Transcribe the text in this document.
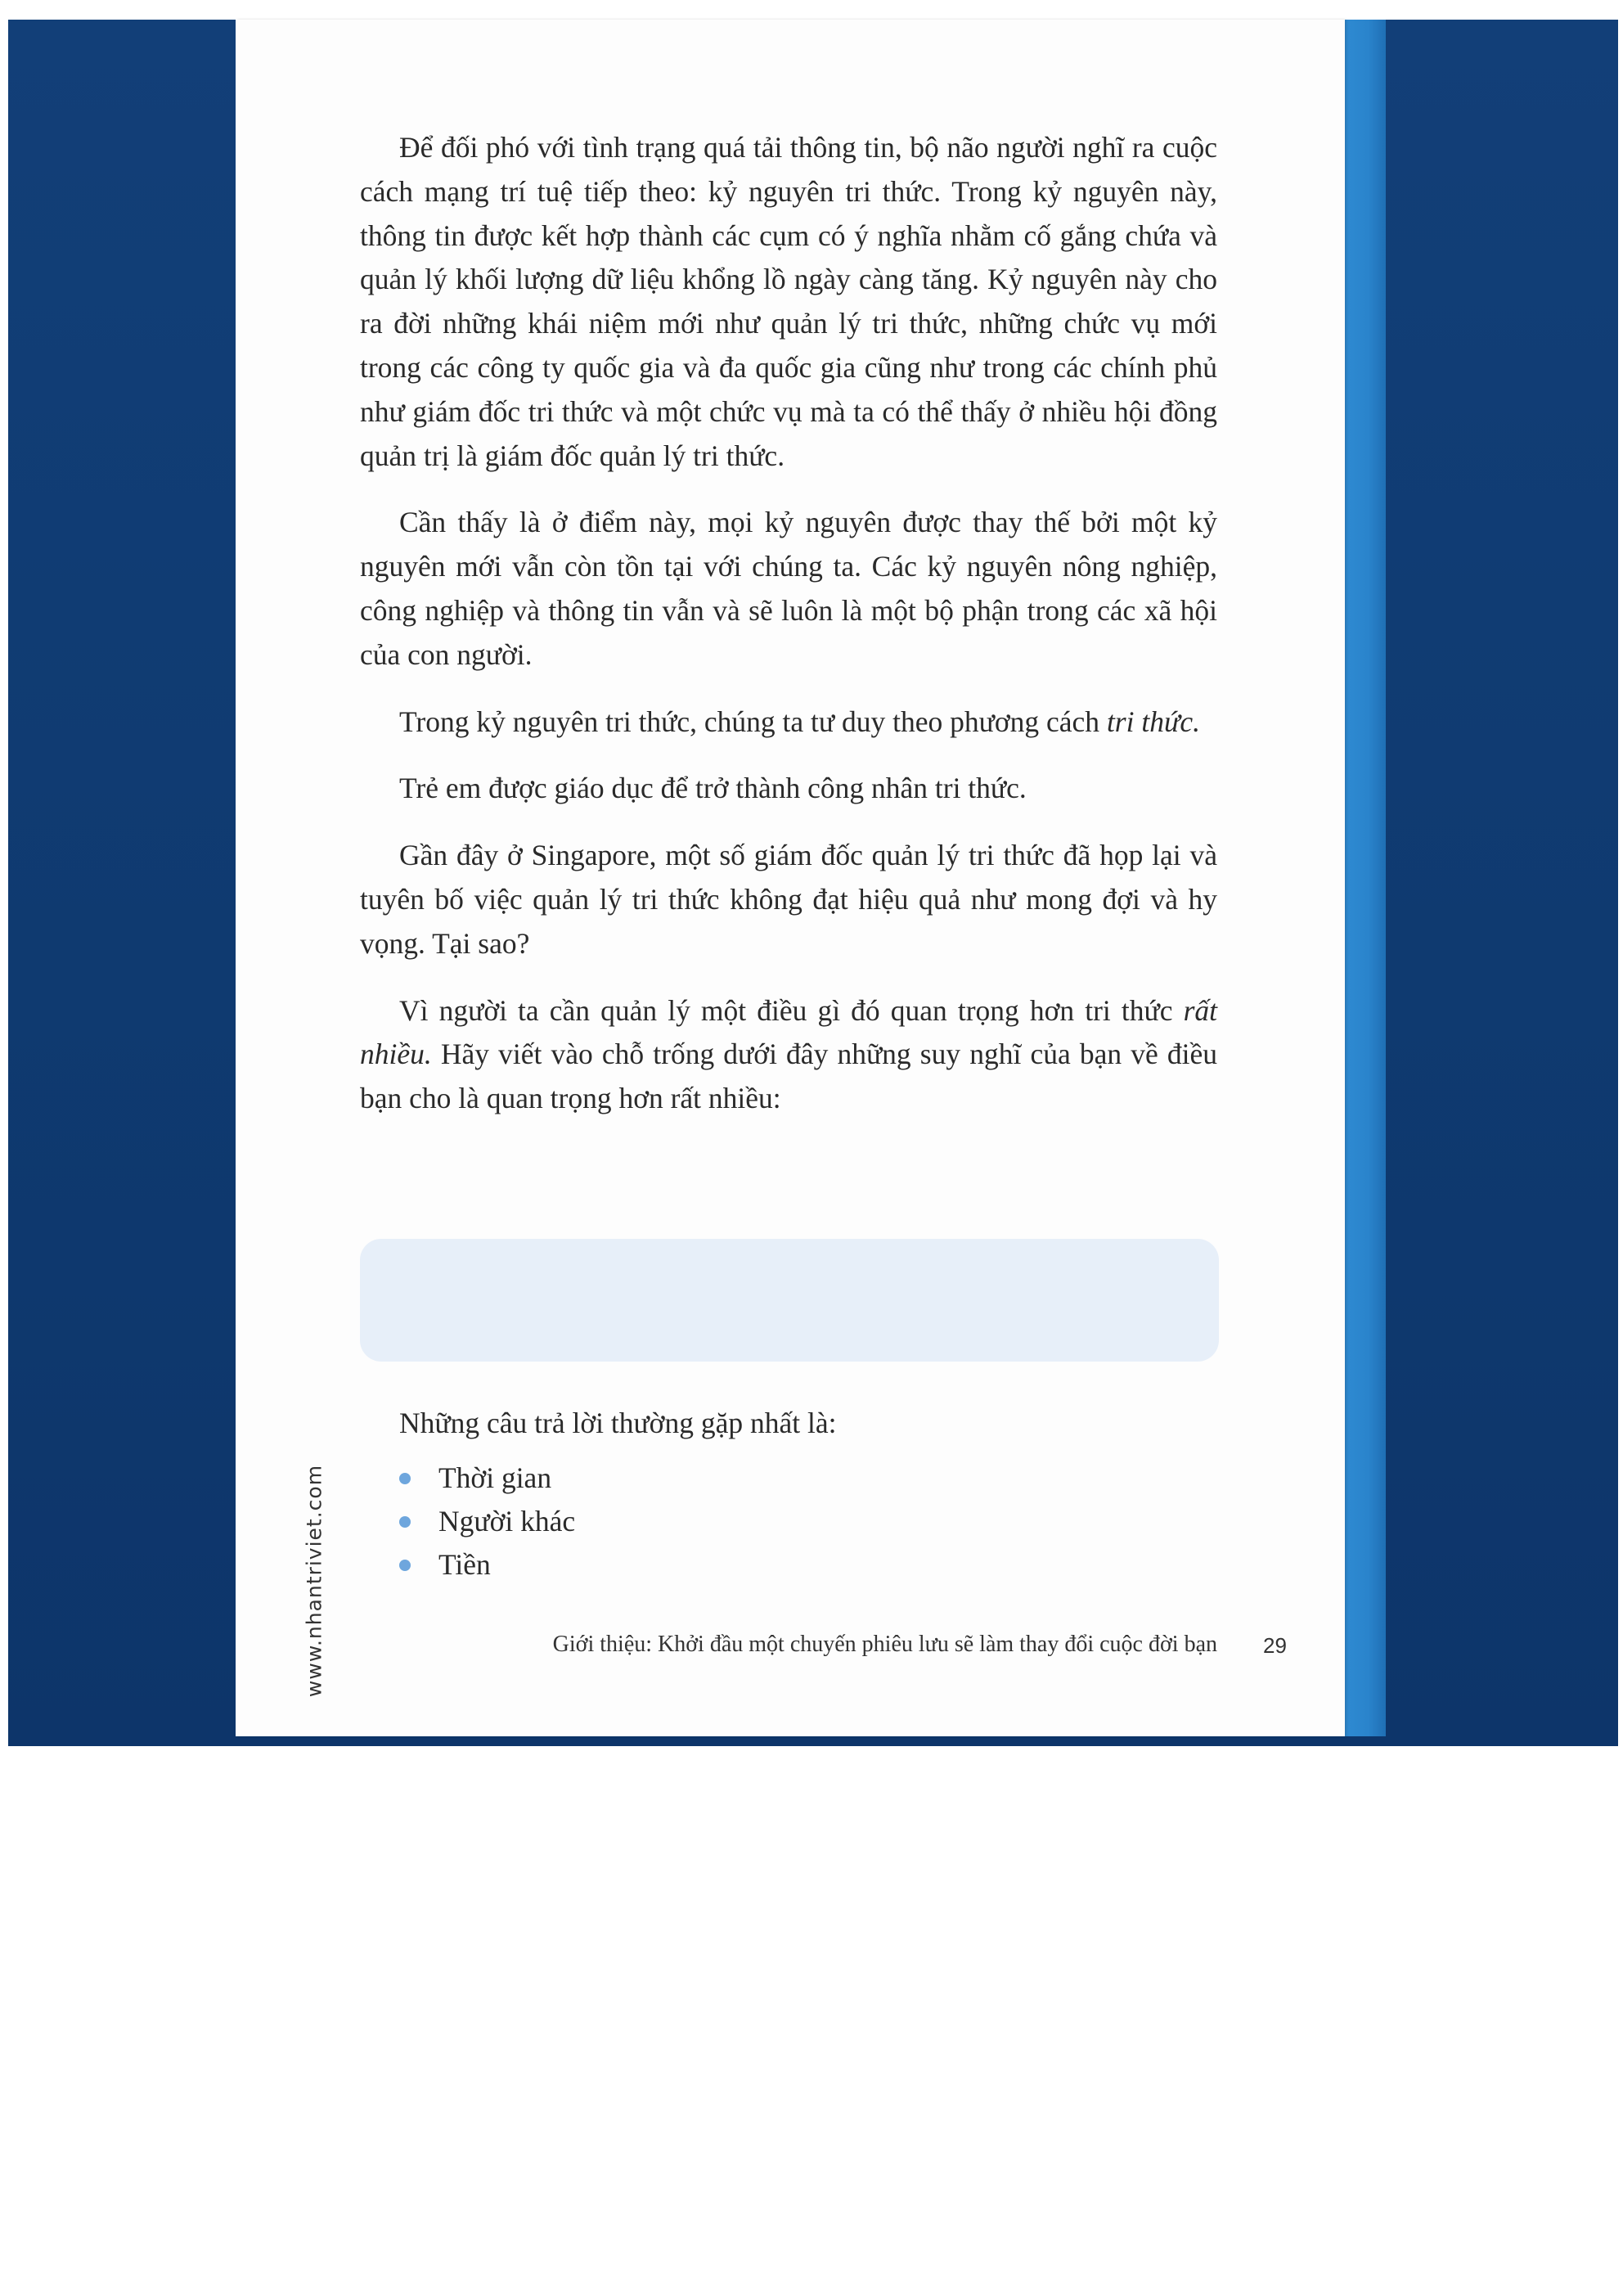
Để đối phó với tình trạng quá tải thông tin, bộ não người nghĩ ra cuộc cách mạng trí tuệ tiếp theo: kỷ nguyên tri thức. Trong kỷ nguyên này, thông tin được kết hợp thành các cụm có ý nghĩa nhằm cố gắng chứa và quản lý khối lượng dữ liệu khổng lồ ngày càng tăng. Kỷ nguyên này cho ra đời những khái niệm mới như quản lý tri thức, những chức vụ mới trong các công ty quốc gia và đa quốc gia cũng như trong các chính phủ như giám đốc tri thức và một chức vụ mà ta có thể thấy ở nhiều hội đồng quản trị là giám đốc quản lý tri thức.

Cần thấy là ở điểm này, mọi kỷ nguyên được thay thế bởi một kỷ nguyên mới vẫn còn tồn tại với chúng ta. Các kỷ nguyên nông nghiệp, công nghiệp và thông tin vẫn và sẽ luôn là một bộ phận trong các xã hội của con người.

Trong kỷ nguyên tri thức, chúng ta tư duy theo phương cách tri thức.

Trẻ em được giáo dục để trở thành công nhân tri thức.

Gần đây ở Singapore, một số giám đốc quản lý tri thức đã họp lại và tuyên bố việc quản lý tri thức không đạt hiệu quả như mong đợi và hy vọng. Tại sao?

Vì người ta cần quản lý một điều gì đó quan trọng hơn tri thức rất nhiều. Hãy viết vào chỗ trống dưới đây những suy nghĩ của bạn về điều bạn cho là quan trọng hơn rất nhiều:

Những câu trả lời thường gặp nhất là:

Thời gian
Người khác
Tiền
www.nhantriviet.com	Giới thiệu: Khởi đầu một chuyến phiêu lưu sẽ làm thay đổi cuộc đời bạn 29
